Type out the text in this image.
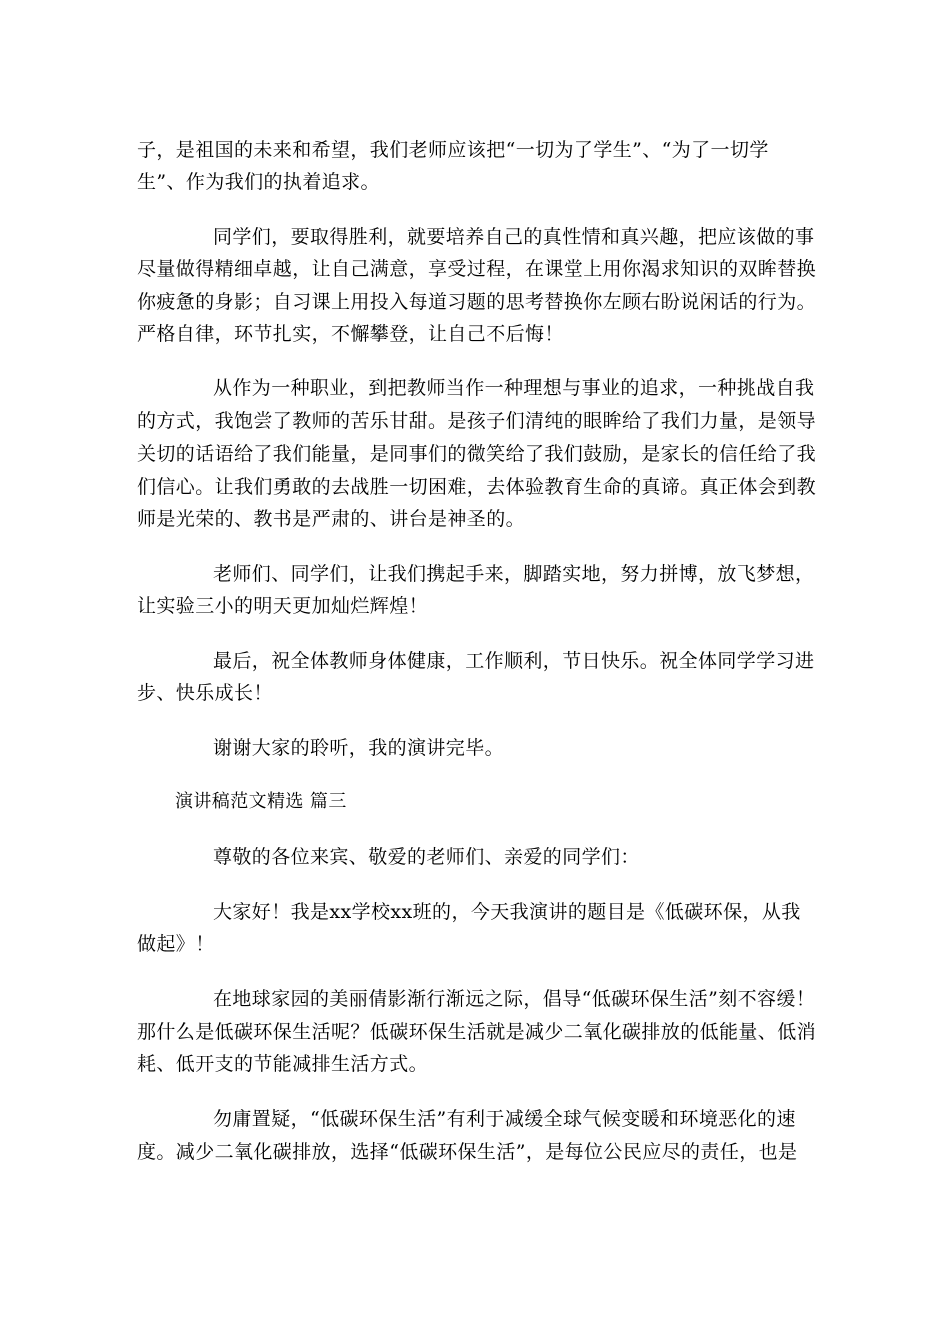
子，是祖国的未来和希望，我们老师应该把“一切为了学生”、“为了一切学
生”、作为我们的执着追求。
同学们，要取得胜利，就要培养自己的真性情和真兴趣，把应该做的事
尽量做得精细卓越，让自己满意，享受过程，在课堂上用你渴求知识的双眸替换
你疲惫的身影；自习课上用投入每道习题的思考替换你左顾右盼说闲话的行为。
严格自律，环节扎实，不懈攀登，让自己不后悔！
从作为一种职业，到把教师当作一种理想与事业的追求，一种挑战自我
的方式，我饱尝了教师的苦乐甘甜。是孩子们清纯的眼眸给了我们力量，是领导
关切的话语给了我们能量，是同事们的微笑给了我们鼓励，是家长的信任给了我
们信心。让我们勇敢的去战胜一切困难，去体验教育生命的真谛。真正体会到教
师是光荣的、教书是严肃的、讲台是神圣的。
老师们、同学们，让我们携起手来，脚踏实地，努力拼博，放飞梦想，
让实验三小的明天更加灿烂辉煌！
最后，祝全体教师身体健康，工作顺利，节日快乐。祝全体同学学习进
步、快乐成长！
谢谢大家的聆听，我的演讲完毕。
演讲稿范文精选 篇三
尊敬的各位来宾、敬爱的老师们、亲爱的同学们：
大家好！我是xx学校xx班的，今天我演讲的题目是《低碳环保，从我
做起》！
在地球家园的美丽倩影渐行渐远之际，倡导“低碳环保生活”刻不容缓！
那什么是低碳环保生活呢？低碳环保生活就是减少二氧化碳排放的低能量、低消
耗、低开支的节能减排生活方式。
勿庸置疑，“低碳环保生活”有利于减缓全球气候变暖和环境恶化的速
度。减少二氧化碳排放，选择“低碳环保生活”，是每位公民应尽的责任，也是
